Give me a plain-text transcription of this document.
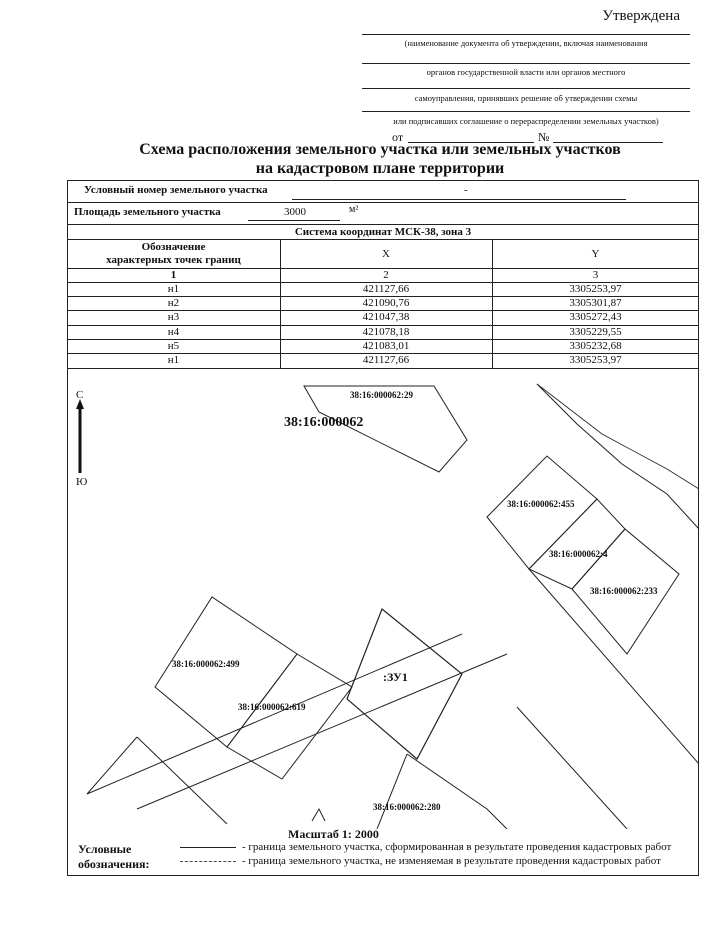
Утверждена
(наименование документа об утверждении, включая наименования
органов государственной власти или органов местного
самоуправления, принявших решение об утверждении схемы
или подписавших соглашение о перераспределении земельных участков)
от	№
Схема расположения земельного участка или земельных участков
на кадастровом плане территории
Условный номер земельного участка	-
Площадь земельного участка	3000	м²
Система координат МСК-38, зона 3
Обозначение
характерных точек границ	X	Y
1	2	3
н1	421127,66	3305253,97
н2	421090,76	3305301,87
н3	421047,38	3305272,43
н4	421078,18	3305229,55
н5	421083,01	3305232,68
н1	421127,66	3305253,97
С
Ю
38:16:000062:29
38:16:000062
38:16:000062:455
38:16:000062:4
38:16:000062:233
38:16:000062:499
38:16:000062:619
:ЗУ1
38:16:000062:280
Масштаб 1: 2000
Условные
обозначения:
- граница земельного участка, сформированная в результате проведения кадастровых работ
- граница земельного участка, не изменяемая в результате проведения кадастровых работ
